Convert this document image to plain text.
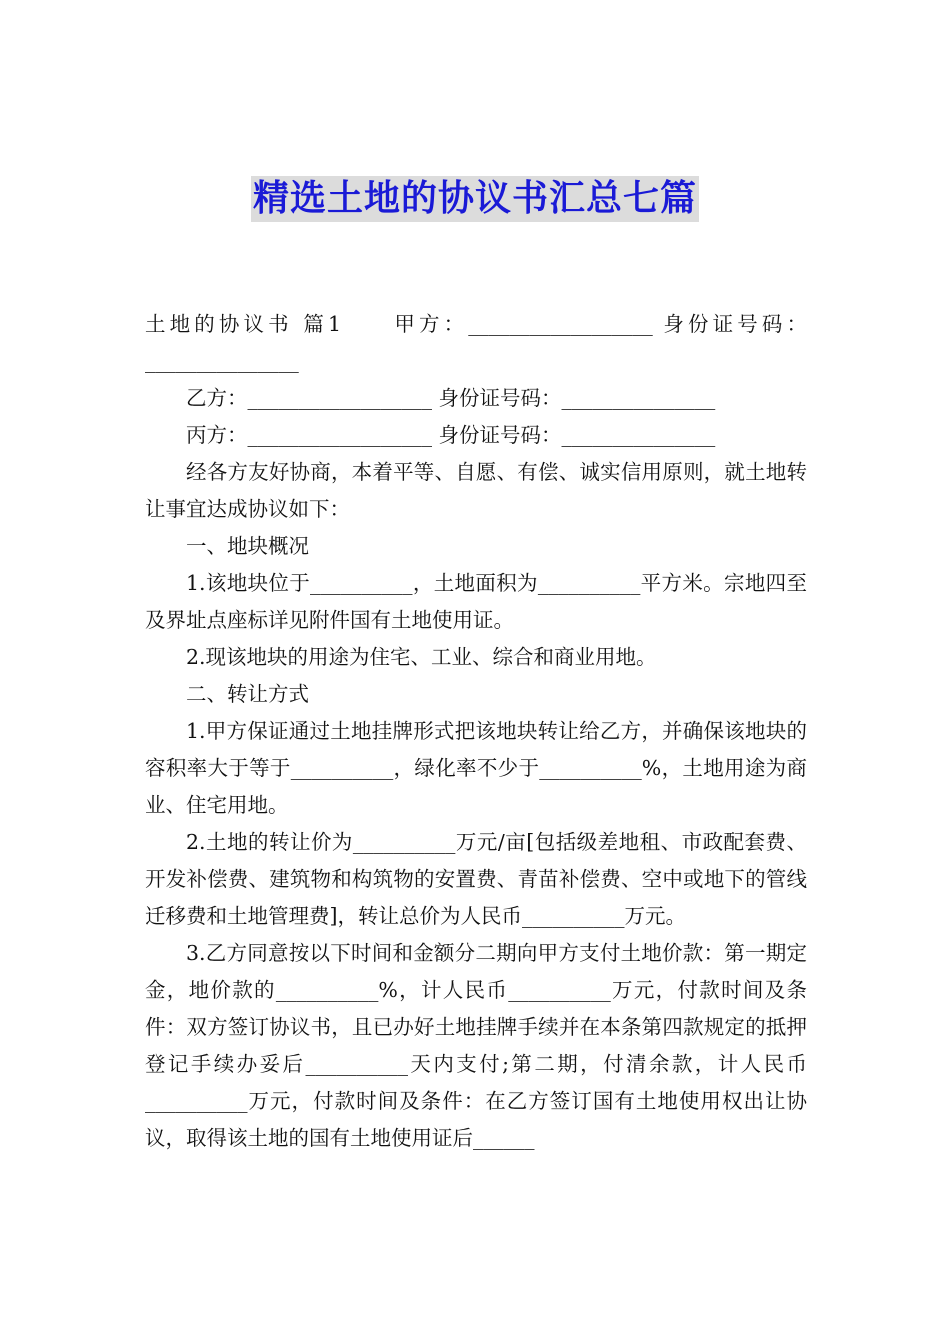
精选土地的协议书汇总七篇

土地的协议书 篇1　　甲方：__________________ 身份证号码：_______________

乙方：__________________ 身份证号码：_______________

丙方：__________________ 身份证号码：_______________

经各方友好协商，本着平等、自愿、有偿、诚实信用原则，就土地转让事宜达成协议如下：

一、地块概况

1.该地块位于__________，土地面积为__________平方米。宗地四至及界址点座标详见附件国有土地使用证。

2.现该地块的用途为住宅、工业、综合和商业用地。

二、转让方式

1.甲方保证通过土地挂牌形式把该地块转让给乙方，并确保该地块的容积率大于等于__________，绿化率不少于__________%，土地用途为商业、住宅用地。

2.土地的转让价为__________万元/亩[包括级差地租、市政配套费、开发补偿费、建筑物和构筑物的安置费、青苗补偿费、空中或地下的管线迁移费和土地管理费]，转让总价为人民币__________万元。

3.乙方同意按以下时间和金额分二期向甲方支付土地价款：第一期定金，地价款的__________%，计人民币__________万元，付款时间及条件：双方签订协议书，且已办好土地挂牌手续并在本条第四款规定的抵押登记手续办妥后__________天内支付;第二期，付清余款，计人民币__________万元，付款时间及条件：在乙方签订国有土地使用权出让协议，取得该土地的国有土地使用证后______
